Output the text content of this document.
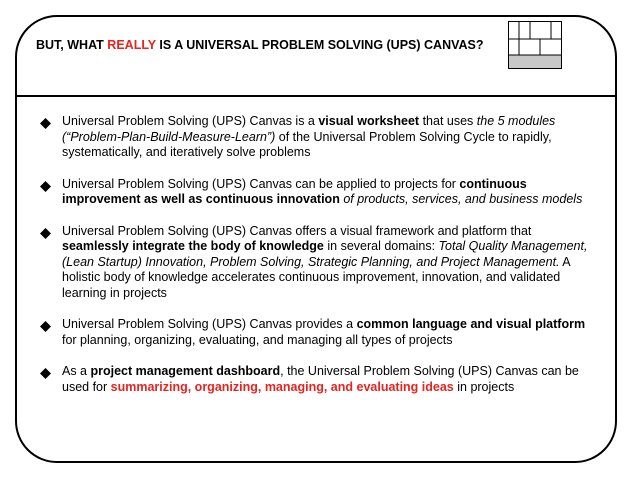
BUT, WHAT REALLY IS A UNIVERSAL PROBLEM SOLVING (UPS) CANVAS?
Universal Problem Solving (UPS) Canvas is a visual worksheet that uses the 5 modules (“Problem-Plan-Build-Measure-Learn”) of the Universal Problem Solving Cycle to rapidly, systematically, and iteratively solve problems
Universal Problem Solving (UPS) Canvas can be applied to projects for continuous improvement as well as continuous innovation of products, services, and business models
Universal Problem Solving (UPS) Canvas offers a visual framework and platform that seamlessly integrate the body of knowledge in several domains: Total Quality Management, (Lean Startup) Innovation, Problem Solving, Strategic Planning, and Project Management. A holistic body of knowledge accelerates continuous improvement, innovation, and validated learning in projects
Universal Problem Solving (UPS) Canvas provides a common language and visual platform for planning, organizing, evaluating, and managing all types of projects
As a project management dashboard, the Universal Problem Solving (UPS) Canvas can be used for summarizing, organizing, managing, and evaluating ideas in projects
